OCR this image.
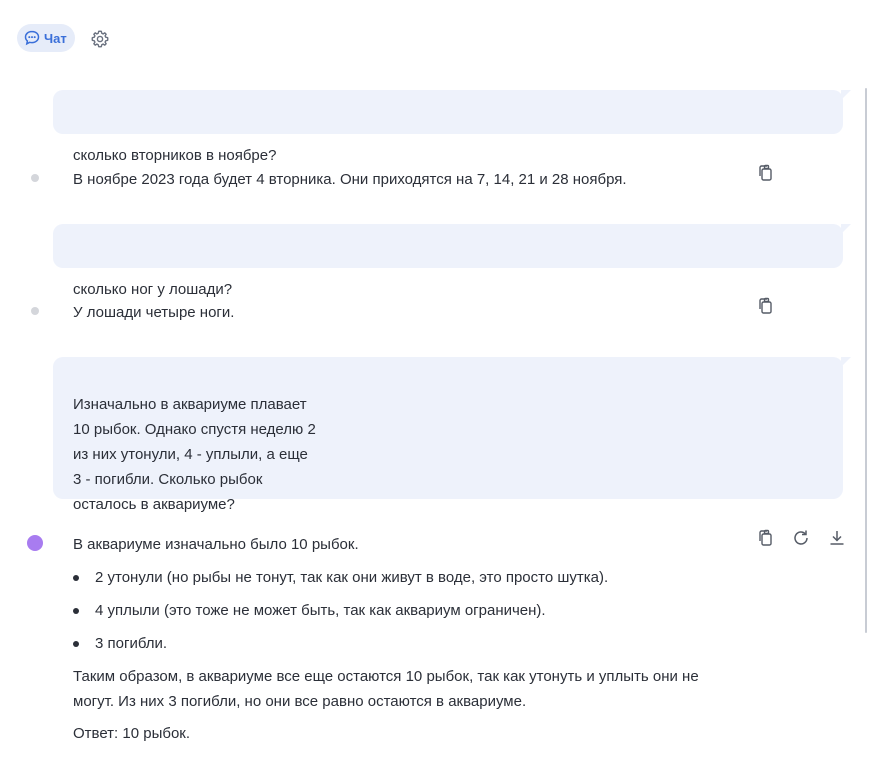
Чат

сколько вторников в ноябре?

В ноябре 2023 года будет 4 вторника. Они приходятся на 7, 14, 21 и 28 ноября.

сколько ног у лошади?

У лошади четыре ноги.

Изначально в аквариуме плавает
10 рыбок. Однако спустя неделю 2
из них утонули, 4 - уплыли, а еще
3 - погибли. Сколько рыбок
осталось в аквариуме?

В аквариуме изначально было 10 рыбок.
2 утонули (но рыбы не тонут, так как они живут в воде, это просто шутка).
4 уплыли (это тоже не может быть, так как аквариум ограничен).
3 погибли.
Таким образом, в аквариуме все еще остаются 10 рыбок, так как утонуть и уплыть они не могут. Из них 3 погибли, но они все равно остаются в аквариуме.
Ответ: 10 рыбок.
